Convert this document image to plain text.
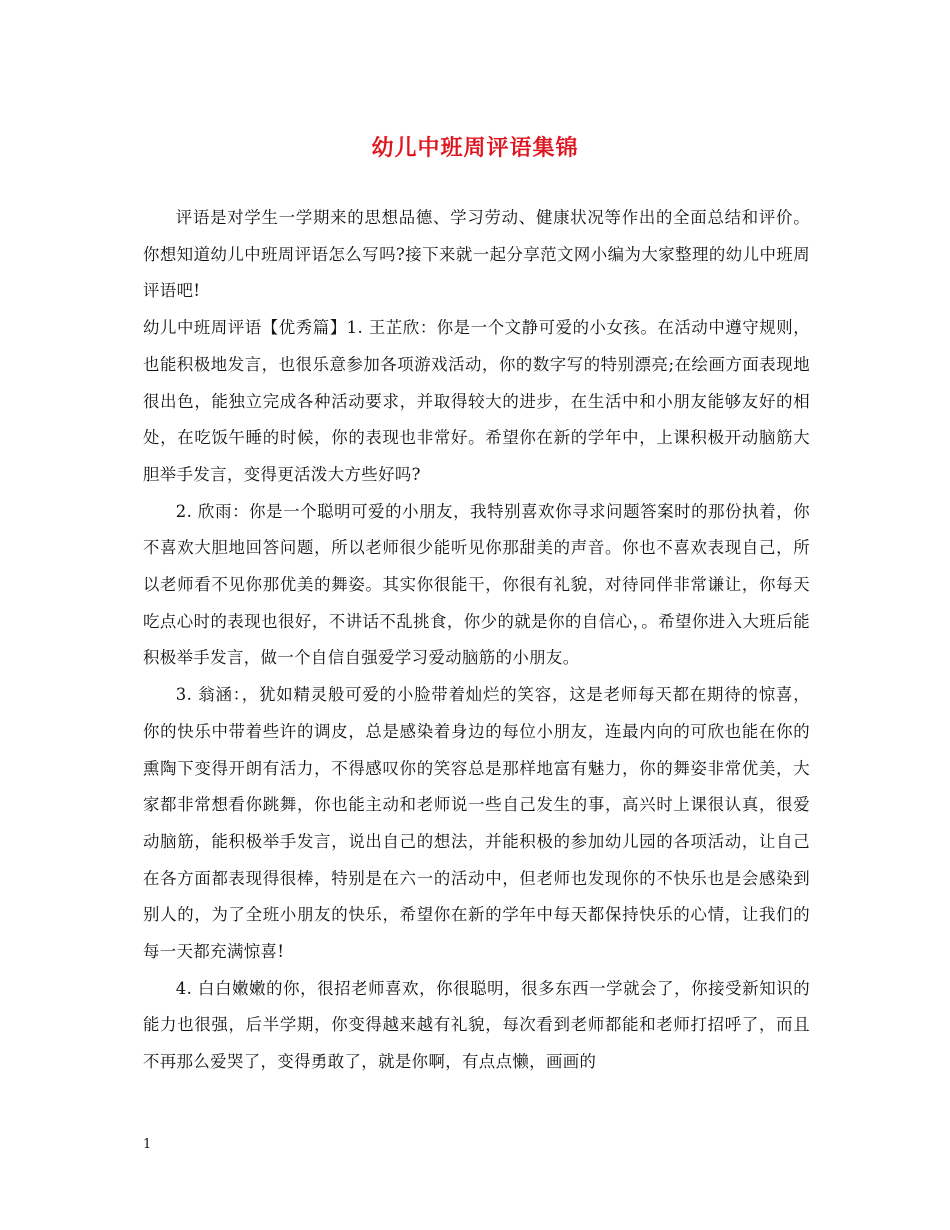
幼儿中班周评语集锦

评语是对学生一学期来的思想品德、学习劳动、健康状况等作出的全面总结和评价。你想知道幼儿中班周评语怎么写吗?接下来就一起分享范文网小编为大家整理的幼儿中班周评语吧!

幼儿中班周评语【优秀篇】1. 王芷欣：你是一个文静可爱的小女孩。在活动中遵守规则，也能积极地发言，也很乐意参加各项游戏活动，你的数字写的特别漂亮;在绘画方面表现地很出色，能独立完成各种活动要求，并取得较大的进步，在生活中和小朋友能够友好的相处，在吃饭午睡的时候，你的表现也非常好。希望你在新的学年中，上课积极开动脑筋大胆举手发言，变得更活泼大方些好吗?

2. 欣雨：你是一个聪明可爱的小朋友，我特别喜欢你寻求问题答案时的那份执着，你不喜欢大胆地回答问题，所以老师很少能听见你那甜美的声音。你也不喜欢表现自己，所以老师看不见你那优美的舞姿。其实你很能干，你很有礼貌，对待同伴非常谦让，你每天吃点心时的表现也很好，不讲话不乱挑食，你少的就是你的自信心，。希望你进入大班后能积极举手发言，做一个自信自强爱学习爱动脑筋的小朋友。

3. 翁涵：，犹如精灵般可爱的小脸带着灿烂的笑容，这是老师每天都在期待的惊喜，你的快乐中带着些许的调皮，总是感染着身边的每位小朋友，连最内向的可欣也能在你的熏陶下变得开朗有活力，不得感叹你的笑容总是那样地富有魅力，你的舞姿非常优美，大家都非常想看你跳舞，你也能主动和老师说一些自己发生的事，高兴时上课很认真，很爱动脑筋，能积极举手发言，说出自己的想法，并能积极的参加幼儿园的各项活动，让自己在各方面都表现得很棒，特别是在六一的活动中，但老师也发现你的不快乐也是会感染到别人的，为了全班小朋友的快乐，希望你在新的学年中每天都保持快乐的心情，让我们的每一天都充满惊喜!

4. 白白嫩嫩的你，很招老师喜欢，你很聪明，很多东西一学就会了，你接受新知识的能力也很强，后半学期，你变得越来越有礼貌，每次看到老师都能和老师打招呼了，而且不再那么爱哭了，变得勇敢了，就是你啊，有点点懒，画画的

1
